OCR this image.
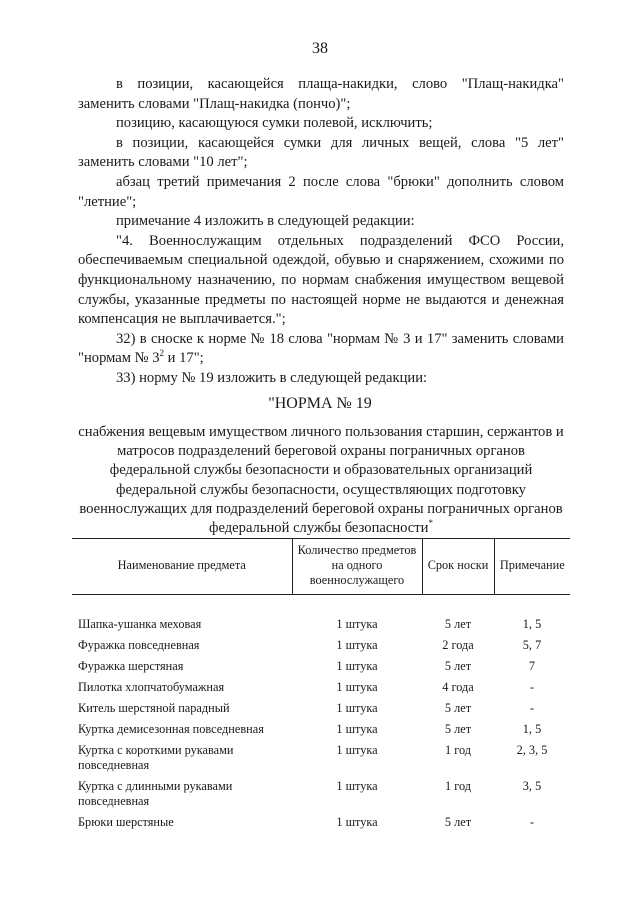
38

в позиции, касающейся плаща-накидки, слово "Плащ-накидка" заменить словами "Плащ-накидка (пончо)";

позицию, касающуюся сумки полевой, исключить;

в позиции, касающейся сумки для личных вещей, слова "5 лет" заменить словами "10 лет";

абзац третий примечания 2 после слова "брюки" дополнить словом "летние";

примечание 4 изложить в следующей редакции:

"4. Военнослужащим отдельных подразделений ФСО России, обеспечиваемым специальной одеждой, обувью и снаряжением, схожими по функциональному назначению, по нормам снабжения имуществом вещевой службы, указанные предметы по настоящей норме не выдаются и денежная компенсация не выплачивается.";

32) в сноске к норме № 18 слова "нормам № 3 и 17" заменить словами "нормам № $3^2$ и 17";

33) норму № 19 изложить в следующей редакции:

"НОРМА № 19
снабжения вещевым имуществом личного пользования старшин, сержантов и матросов подразделений береговой охраны пограничных органов федеральной службы безопасности и образовательных организаций федеральной службы безопасности, осуществляющих подготовку военнослужащих для подразделений береговой охраны пограничных органов федеральной службы безопасности*
Наименование предмета	Количество предметов на одного военнослужащего	Срок носки	Примечание
Шапка-ушанка меховая	1 штука	5 лет	1, 5
Фуражка повседневная	1 штука	2 года	5, 7
Фуражка шерстяная	1 штука	5 лет	7
Пилотка хлопчатобумажная	1 штука	4 года	-
Китель шерстяной парадный	1 штука	5 лет	-
Куртка демисезонная повседневная	1 штука	5 лет	1, 5
Куртка с короткими рукавами повседневная	1 штука	1 год	2, 3, 5
Куртка с длинными рукавами повседневная	1 штука	1 год	3, 5
Брюки шерстяные	1 штука	5 лет	-
